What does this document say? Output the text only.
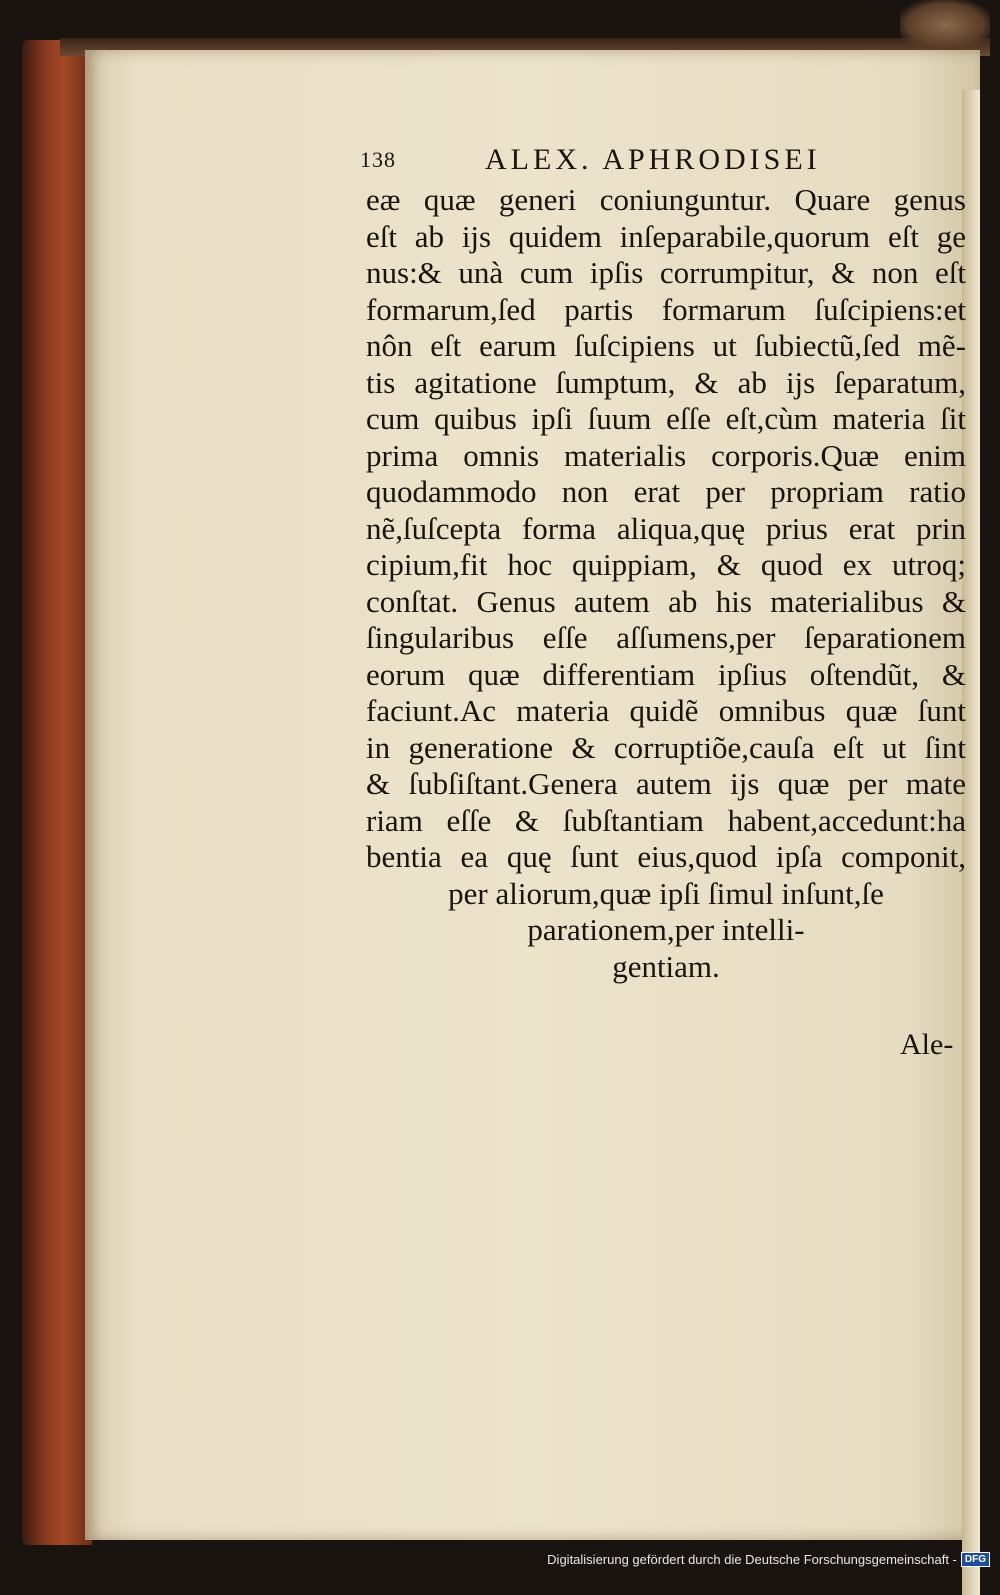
138	ALEX. APHRODISEI
eæ quæ generi coniunguntur. Quare genus
eſt ab ijs quidem inſeparabile,quorum eſt ge
nus:& unà cum ipſis corrumpitur, & non eſt
formarum,ſed partis formarum ſuſcipiens:et
nôn eſt earum ſuſcipiens ut ſubiectũ,ſed mẽ-
tis agitatione ſumptum, & ab ijs ſeparatum,
cum quibus ipſi ſuum eſſe eſt,cùm materia ſit
prima omnis materialis corporis.Quæ enim
quodammodo non erat per propriam ratio
nẽ,ſuſcepta forma aliqua,quę prius erat prin
cipium,fit hoc quippiam, & quod ex utroq;
conſtat. Genus autem ab his materialibus &
ſingularibus eſſe aſſumens,per ſeparationem
eorum quæ differentiam ipſius oſtendũt, &
faciunt.Ac materia quidẽ omnibus quæ ſunt
in generatione & corruptiõe,cauſa eſt ut ſint
& ſubſiſtant.Genera autem ijs quæ per mate
riam eſſe & ſubſtantiam habent,accedunt:ha
bentia ea quę ſunt eius,quod ipſa componit,
per aliorum,quæ ipſi ſimul inſunt,ſe
parationem,per intelli-
gentiam.
Ale-
Digitalisierung gefördert durch die Deutsche Forschungsgemeinschaft - DFG
